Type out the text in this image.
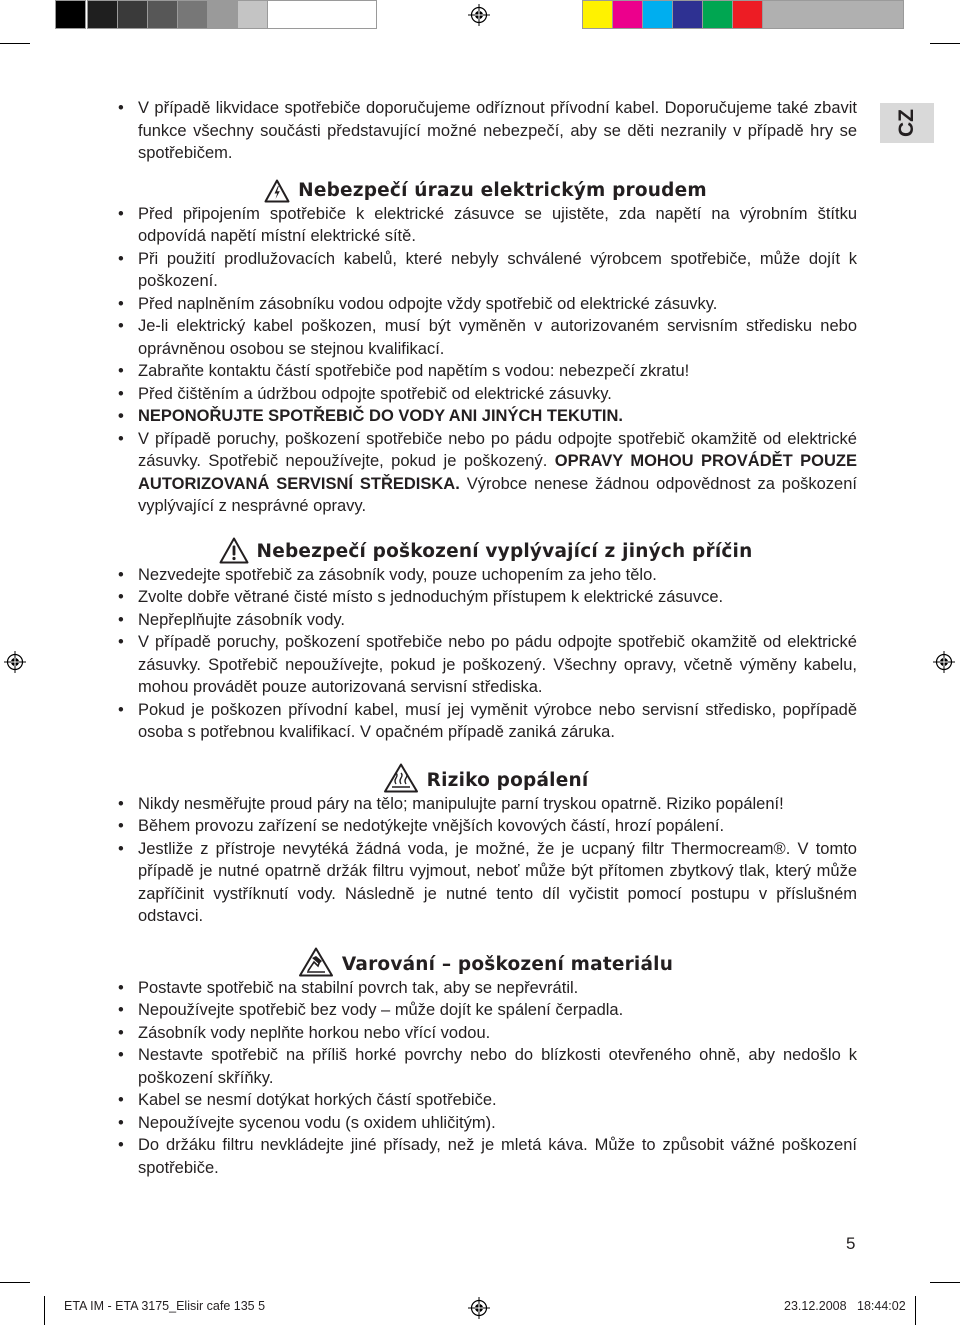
CZ
• V případě likvidace spotřebiče doporučujeme odříznout přívodní kabel. Doporučujeme také zbavit funkce všechny součásti představující možné nebezpečí, aby se děti nezranily v případě hry se spotřebičem.
Nebezpečí úrazu elektrickým proudem
• Před připojením spotřebiče k elektrické zásuvce se ujistěte, zda napětí na výrobním štítku odpovídá napětí místní elektrické sítě.
• Při použití prodlužovacích kabelů, které nebyly schválené výrobcem spotřebiče, může dojít k poškození.
• Před naplněním zásobníku vodou odpojte vždy spotřebič od elektrické zásuvky.
• Je-li elektrický kabel poškozen, musí být vyměněn v autorizovaném servisním středisku nebo oprávněnou osobou se stejnou kvalifikací.
• Zabraňte kontaktu částí spotřebiče pod napětím s vodou: nebezpečí zkratu!
• Před čištěním a údržbou odpojte spotřebič od elektrické zásuvky.
• NEPONOŘUJTE SPOTŘEBIČ DO VODY ANI JINÝCH TEKUTIN.
• V případě poruchy, poškození spotřebiče nebo po pádu odpojte spotřebič okamžitě od elektrické zásuvky. Spotřebič nepoužívejte, pokud je poškozený. OPRAVY MOHOU PROVÁDĚT POUZE AUTORIZOVANÁ SERVISNÍ STŘEDISKA. Výrobce nenese žádnou odpovědnost za poškození vyplývající z nesprávné opravy.
Nebezpečí poškození vyplývající z jiných příčin
• Nezvedejte spotřebič za zásobník vody, pouze uchopením za jeho tělo.
• Zvolte dobře větrané čisté místo s jednoduchým přístupem k elektrické zásuvce.
• Nepřeplňujte zásobník vody.
• V případě poruchy, poškození spotřebiče nebo po pádu odpojte spotřebič okamžitě od elektrické zásuvky. Spotřebič nepoužívejte, pokud je poškozený. Všechny opravy, včetně výměny kabelu, mohou provádět pouze autorizovaná servisní střediska.
• Pokud je poškozen přívodní kabel, musí jej vyměnit výrobce nebo servisní středisko, popřípadě osoba s potřebnou kvalifikací. V opačném případě zaniká záruka.
Riziko popálení
• Nikdy nesměřujte proud páry na tělo; manipulujte parní tryskou opatrně. Riziko popálení!
• Během provozu zařízení se nedotýkejte vnějších kovových částí, hrozí popálení.
• Jestliže z přístroje nevytéká žádná voda, je možné, že je ucpaný filtr Thermocream®. V tomto případě je nutné opatrně držák filtru vyjmout, neboť může být přítomen zbytkový tlak, který může zapříčinit vystříknutí vody. Následně je nutné tento díl vyčistit pomocí postupu v příslušném odstavci.
Varování – poškození materiálu
• Postavte spotřebič na stabilní povrch tak, aby se nepřevrátil.
• Nepoužívejte spotřebič bez vody – může dojít ke spálení čerpadla.
• Zásobník vody neplňte horkou nebo vřící vodou.
• Nestavte spotřebič na příliš horké povrchy nebo do blízkosti otevřeného ohně, aby nedošlo k poškození skříňky.
• Kabel se nesmí dotýkat horkých částí spotřebiče.
• Nepoužívejte sycenou vodu (s oxidem uhličitým).
• Do držáku filtru nevkládejte jiné přísady, než je mletá káva. Může to způsobit vážné poškození spotřebiče.
5
ETA IM - ETA 3175_Elisir cafe 135 5	23.12.2008 18:44:02
